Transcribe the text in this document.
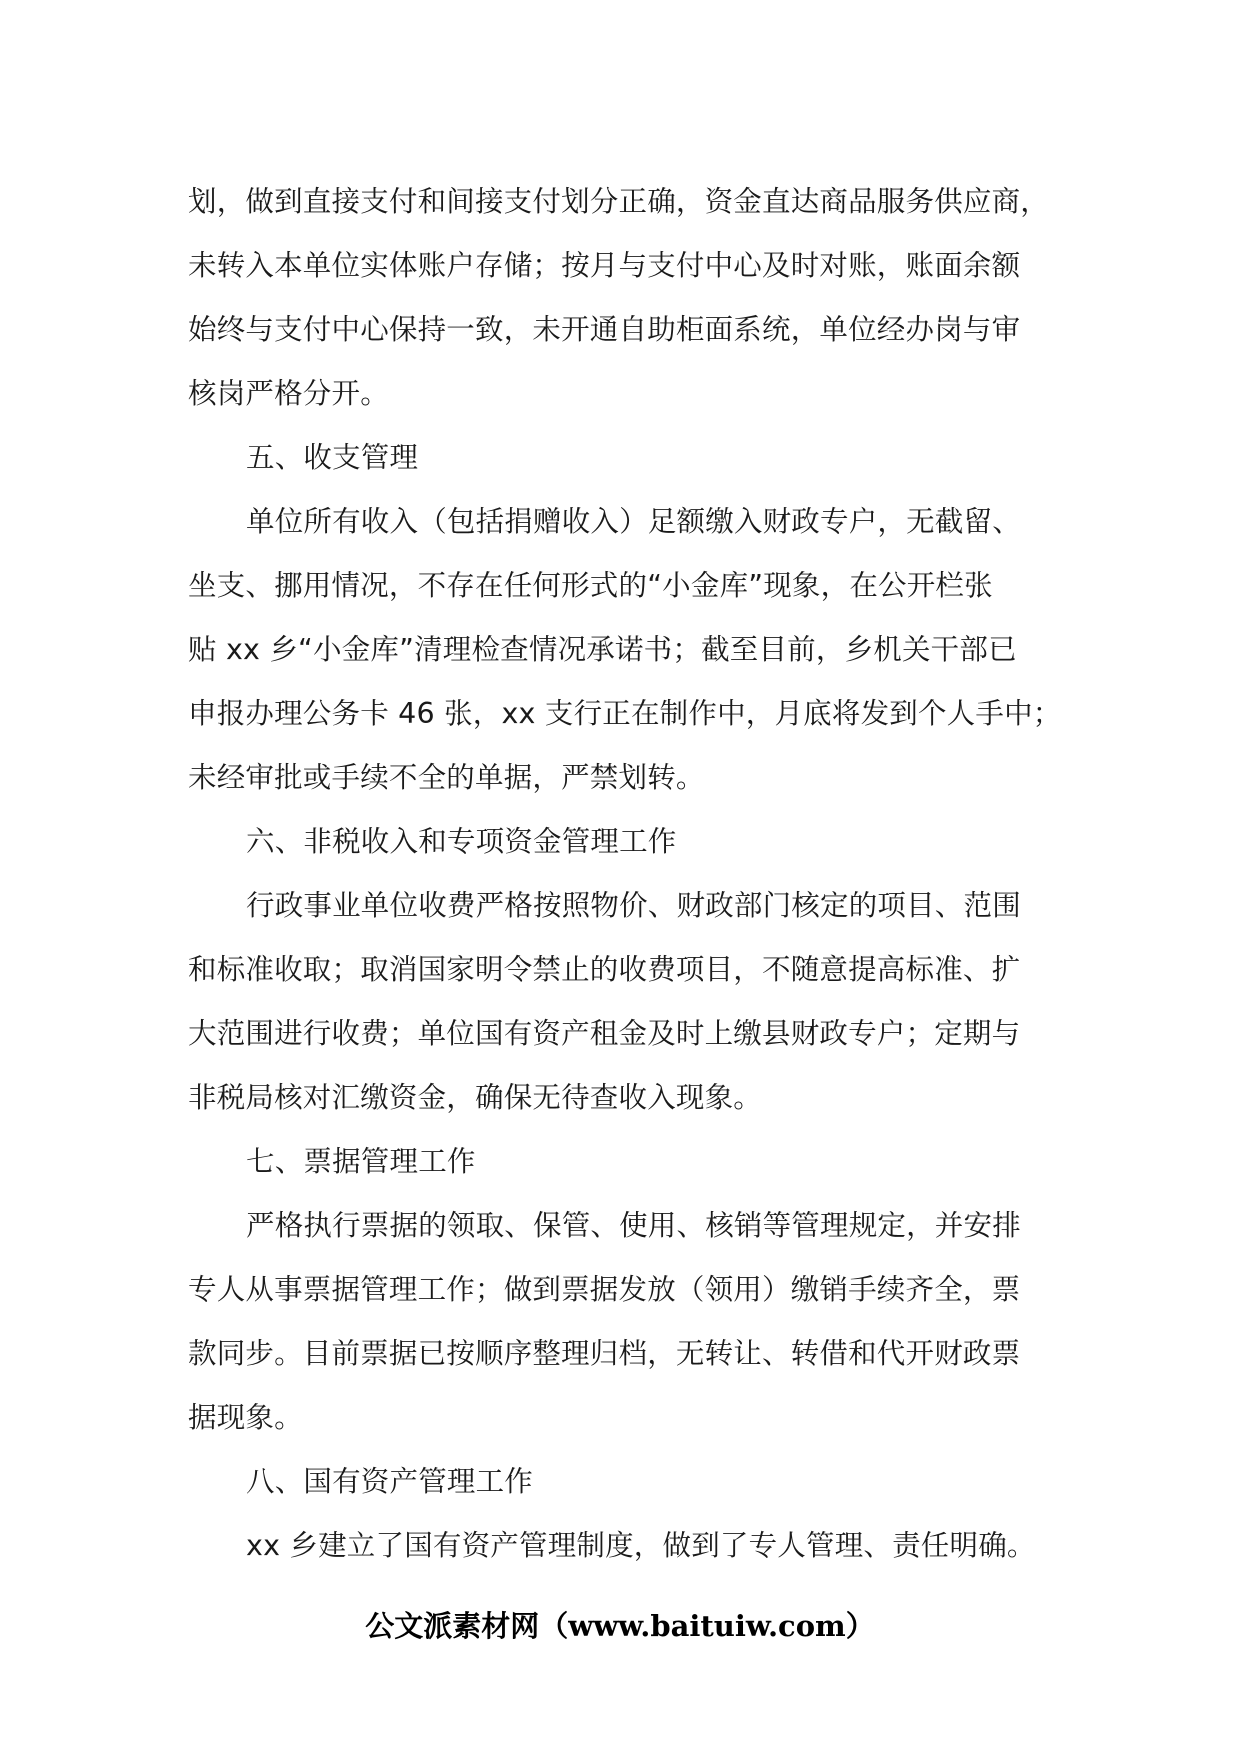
划，做到直接支付和间接支付划分正确，资金直达商品服务供应商，
未转入本单位实体账户存储；按月与支付中心及时对账，账面余额
始终与支付中心保持一致，未开通自助柜面系统，单位经办岗与审
核岗严格分开。
五、收支管理
单位所有收入（包括捐赠收入）足额缴入财政专户，无截留、
坐支、挪用情况，不存在任何形式的“小金库”现象，在公开栏张
贴 xx 乡“小金库”清理检查情况承诺书；截至目前，乡机关干部已
申报办理公务卡 46 张，xx 支行正在制作中，月底将发到个人手中；
未经审批或手续不全的单据，严禁划转。
六、非税收入和专项资金管理工作
行政事业单位收费严格按照物价、财政部门核定的项目、范围
和标准收取；取消国家明令禁止的收费项目，不随意提高标准、扩
大范围进行收费；单位国有资产租金及时上缴县财政专户；定期与
非税局核对汇缴资金，确保无待查收入现象。
七、票据管理工作
严格执行票据的领取、保管、使用、核销等管理规定，并安排
专人从事票据管理工作；做到票据发放（领用）缴销手续齐全，票
款同步。目前票据已按顺序整理归档，无转让、转借和代开财政票
据现象。
八、国有资产管理工作
xx 乡建立了国有资产管理制度，做到了专人管理、责任明确。
公文派素材网（www.baituiw.com）
